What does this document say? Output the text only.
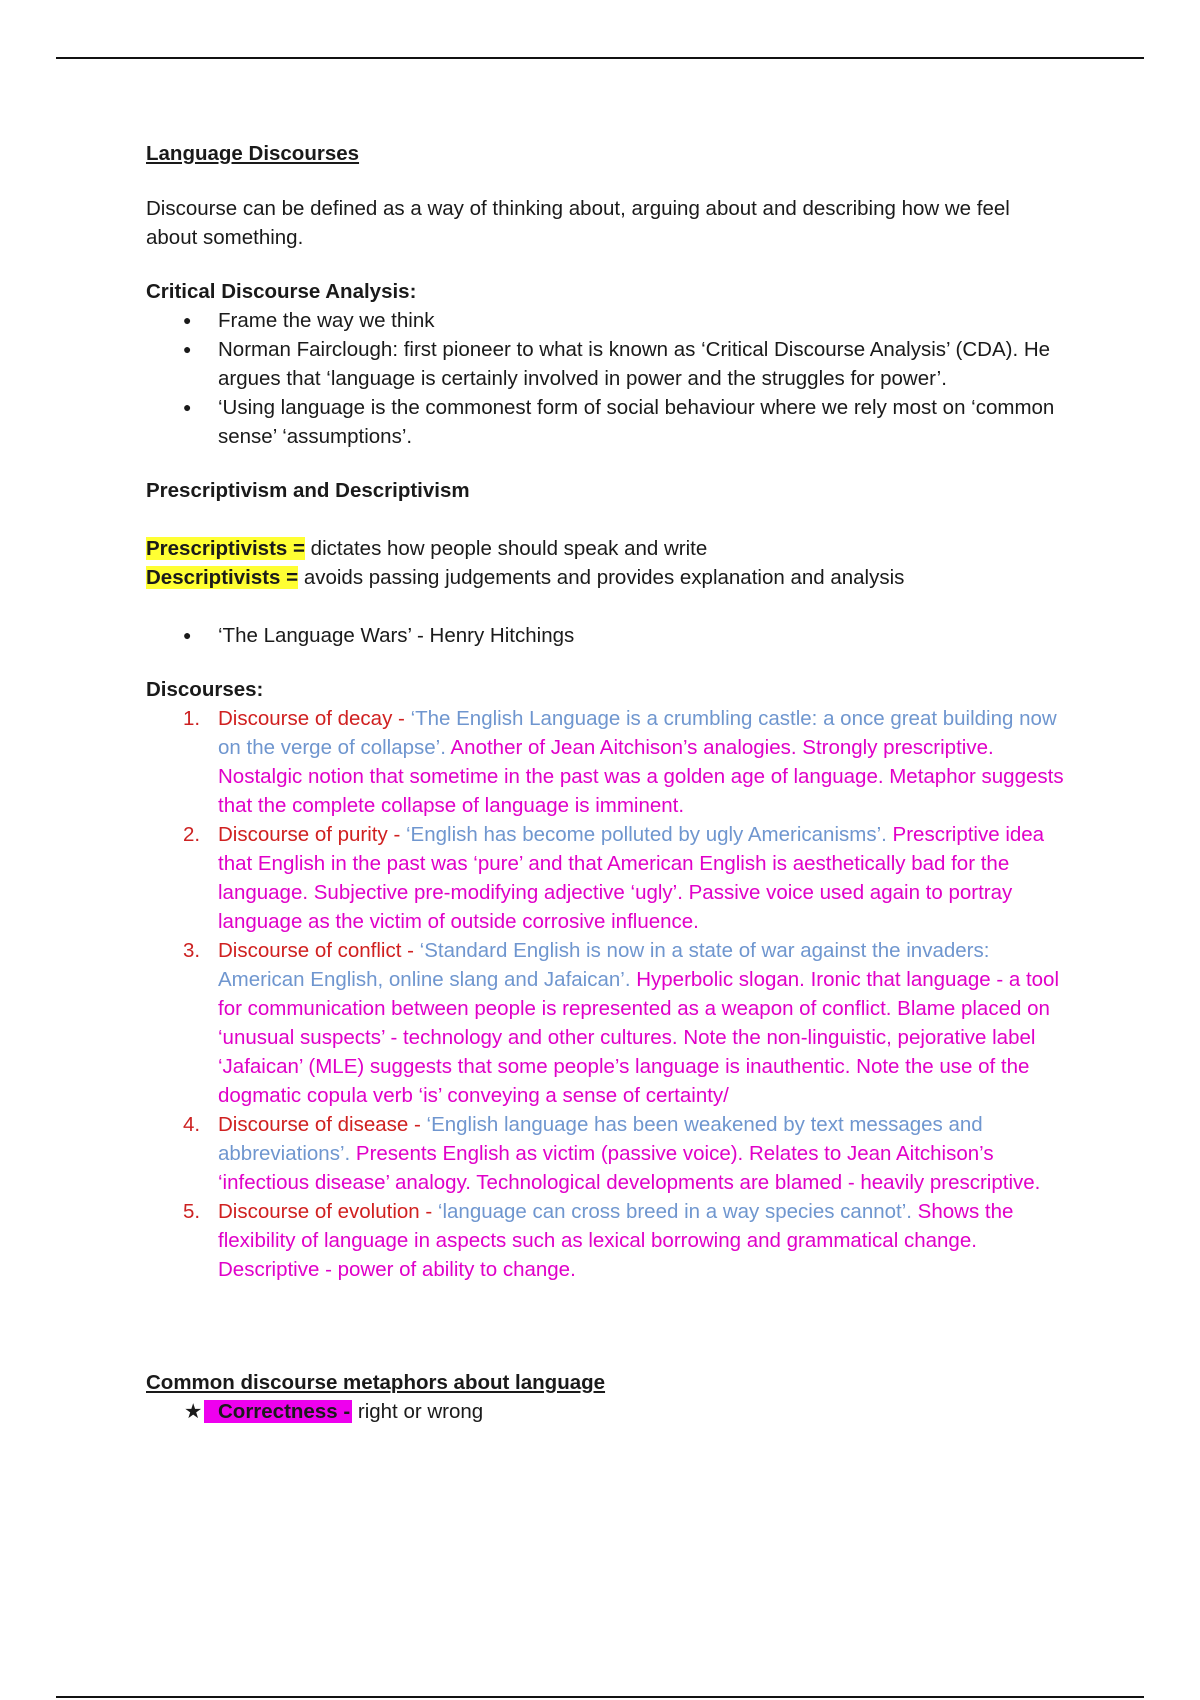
Language Discourses

Discourse can be defined as a way of thinking about, arguing about and describing how we feel about something.

Critical Discourse Analysis:

● Frame the way we think
● Norman Fairclough: first pioneer to what is known as ‘Critical Discourse Analysis’ (CDA). He argues that ‘language is certainly involved in power and the struggles for power’.
● ‘Using language is the commonest form of social behaviour where we rely most on ‘common sense’ ‘assumptions’.

Prescriptivism and Descriptivism

Prescriptivists = dictates how people should speak and write

Descriptivists = avoids passing judgements and provides explanation and analysis

● ‘The Language Wars’ - Henry Hitchings

Discourses:

1. Discourse of decay - ‘The English Language is a crumbling castle: a once great building now on the verge of collapse’. Another of Jean Aitchison’s analogies. Strongly prescriptive. Nostalgic notion that sometime in the past was a golden age of language. Metaphor suggests that the complete collapse of language is imminent.
2. Discourse of purity - ‘English has become polluted by ugly Americanisms’. Prescriptive idea that English in the past was ‘pure’ and that American English is aesthetically bad for the language. Subjective pre-modifying adjective ‘ugly’. Passive voice used again to portray language as the victim of outside corrosive influence.
3. Discourse of conflict - ‘Standard English is now in a state of war against the invaders: American English, online slang and Jafaican’. Hyperbolic slogan. Ironic that language - a tool for communication between people is represented as a weapon of conflict. Blame placed on ‘unusual suspects’ - technology and other cultures. Note the non-linguistic, pejorative label ‘Jafaican’ (MLE) suggests that some people’s language is inauthentic. Note the use of the dogmatic copula verb ‘is’ conveying a sense of certainty/
4. Discourse of disease - ‘English language has been weakened by text messages and abbreviations’. Presents English as victim (passive voice). Relates to Jean Aitchison’s ‘infectious disease’ analogy. Technological developments are blamed - heavily prescriptive.
5. Discourse of evolution - ‘language can cross breed in a way species cannot’. Shows the flexibility of language in aspects such as lexical borrowing and grammatical change. Descriptive - power of ability to change.

Common discourse metaphors about language

★ Correctness - right or wrong
